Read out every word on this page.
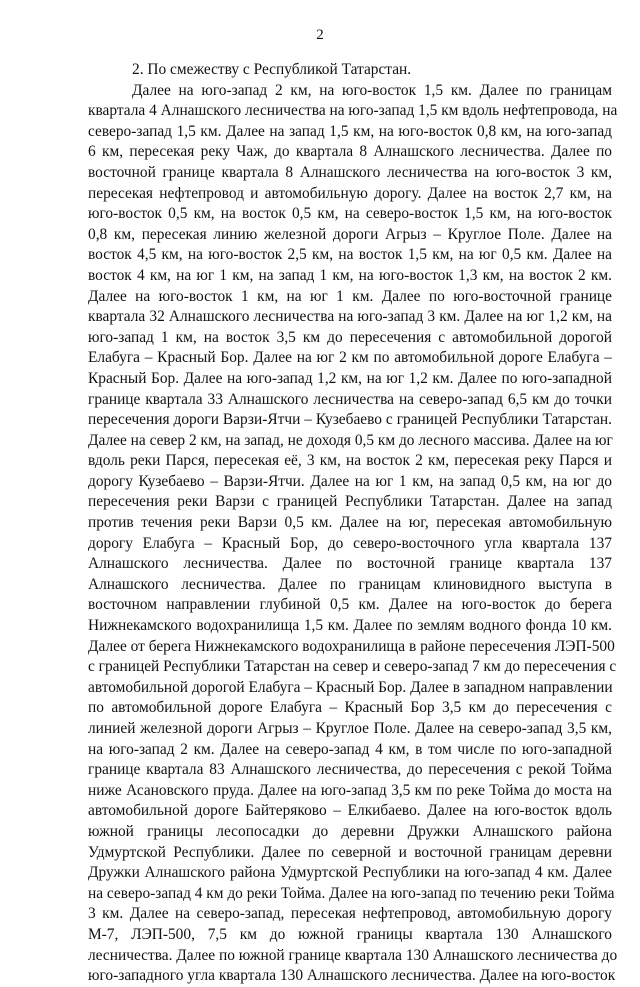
2
2. По смежеству с Республикой Татарстан.
Далее на юго-запад 2 км, на юго-восток 1,5 км. Далее по границам
квартала 4 Алнашского лесничества на юго-запад 1,5 км вдоль нефтепровода, на
северо-запад 1,5 км. Далее на запад 1,5 км, на юго-восток 0,8 км, на юго-запад
6 км, пересекая реку Чаж, до квартала 8 Алнашского лесничества. Далее по
восточной границе квартала 8 Алнашского лесничества на юго-восток 3 км,
пересекая нефтепровод и автомобильную дорогу. Далее на восток 2,7 км, на
юго-восток 0,5 км, на восток 0,5 км, на северо-восток 1,5 км, на юго-восток
0,8 км, пересекая линию железной дороги Агрыз – Круглое Поле. Далее на
восток 4,5 км, на юго-восток 2,5 км, на восток 1,5 км, на юг 0,5 км. Далее на
восток 4 км, на юг 1 км, на запад 1 км, на юго-восток 1,3 км, на восток 2 км.
Далее на юго-восток 1 км, на юг 1 км. Далее по юго-восточной границе
квартала 32 Алнашского лесничества на юго-запад 3 км. Далее на юг 1,2 км, на
юго-запад 1 км, на восток 3,5 км до пересечения с автомобильной дорогой
Елабуга – Красный Бор. Далее на юг 2 км по автомобильной дороге Елабуга –
Красный Бор. Далее на юго-запад 1,2 км, на юг 1,2 км. Далее по юго-западной
границе квартала 33 Алнашского лесничества на северо-запад 6,5 км до точки
пересечения дороги Варзи-Ятчи – Кузебаево с границей Республики Татарстан.
Далее на север 2 км, на запад, не доходя 0,5 км до лесного массива. Далее на юг
вдоль реки Парся, пересекая её, 3 км, на восток 2 км, пересекая реку Парся и
дорогу Кузебаево – Варзи-Ятчи. Далее на юг 1 км, на запад 0,5 км, на юг до
пересечения реки Варзи с границей Республики Татарстан. Далее на запад
против течения реки Варзи 0,5 км. Далее на юг, пересекая автомобильную
дорогу Елабуга – Красный Бор, до северо-восточного угла квартала 137
Алнашского лесничества. Далее по восточной границе квартала 137
Алнашского лесничества. Далее по границам клиновидного выступа в
восточном направлении глубиной 0,5 км. Далее на юго-восток до берега
Нижнекамского водохранилища 1,5 км. Далее по землям водного фонда 10 км.
Далее от берега Нижнекамского водохранилища в районе пересечения ЛЭП-500
с границей Республики Татарстан на север и северо-запад 7 км до пересечения с
автомобильной дорогой Елабуга – Красный Бор. Далее в западном направлении
по автомобильной дороге Елабуга – Красный Бор 3,5 км до пересечения с
линией железной дороги Агрыз – Круглое Поле. Далее на северо-запад 3,5 км,
на юго-запад 2 км. Далее на северо-запад 4 км, в том числе по юго-западной
границе квартала 83 Алнашского лесничества, до пересечения с рекой Тойма
ниже Асановского пруда. Далее на юго-запад 3,5 км по реке Тойма до моста на
автомобильной дороге Байтеряково – Елкибаево. Далее на юго-восток вдоль
южной границы лесопосадки до деревни Дружки Алнашского района
Удмуртской Республики. Далее по северной и восточной границам деревни
Дружки Алнашского района Удмуртской Республики на юго-запад 4 км. Далее
на северо-запад 4 км до реки Тойма. Далее на юго-запад по течению реки Тойма
3 км. Далее на северо-запад, пересекая нефтепровод, автомобильную дорогу
М-7, ЛЭП-500, 7,5 км до южной границы квартала 130 Алнашского
лесничества. Далее по южной границе квартала 130 Алнашского лесничества до
юго-западного угла квартала 130 Алнашского лесничества. Далее на юго-восток
